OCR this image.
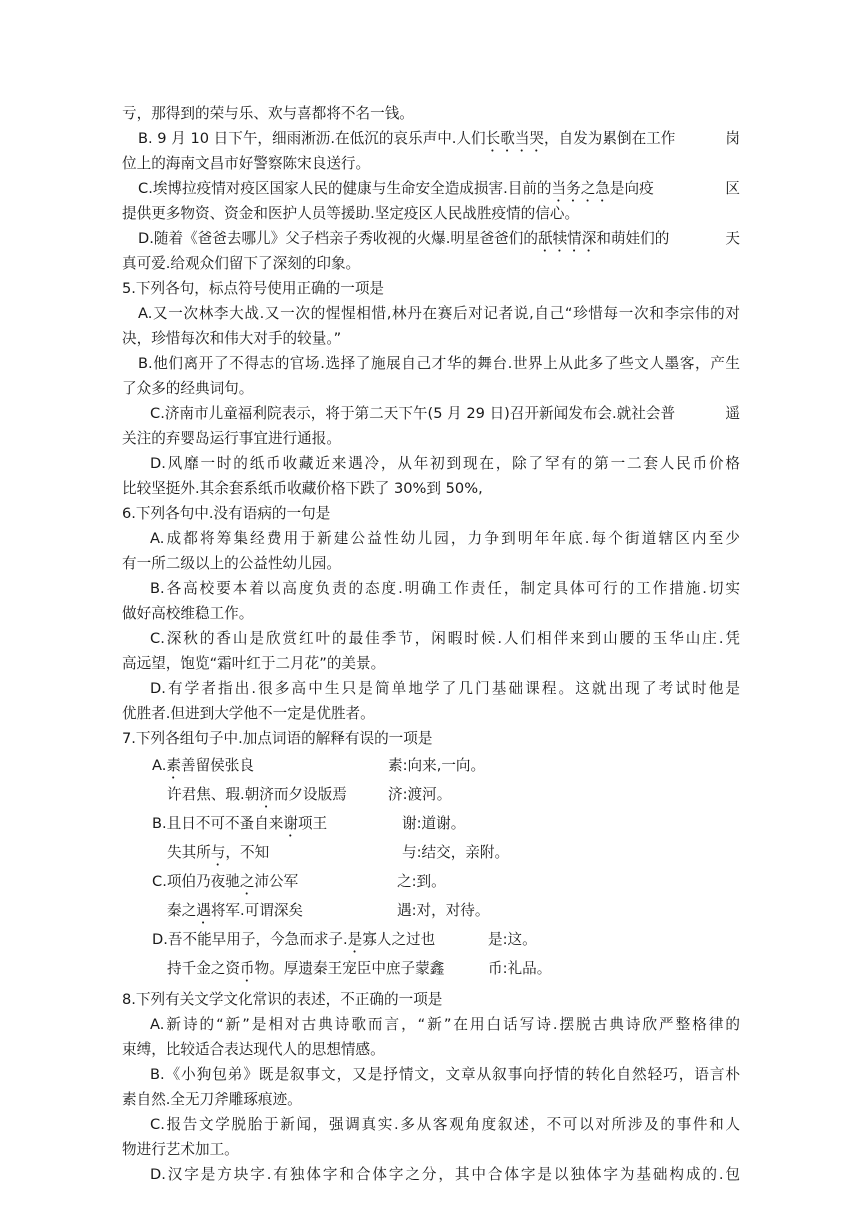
亏，那得到的荣与乐、欢与喜都将不名一钱。
B. 9 月 10 日下午，细雨淅沥.在低沉的哀乐声中.人们长歌当哭，自发为累倒在工作	岗
位上的海南文昌市好警察陈宋良送行。
C.埃博拉疫情对疫区国家人民的健康与生命安全造成损害.目前的当务之急是向疫	区
提供更多物资、资金和医护人员等援助.坚定疫区人民战胜疫情的信心。
D.随着《爸爸去哪儿》父子档亲子秀收视的火爆.明星爸爸们的舐犊情深和萌娃们的	天
真可爱.给观众们留下了深刻的印象。
5.下列各句，标点符号使用正确的一项是
A.又一次林李大战.又一次的惺惺相惜,林丹在赛后对记者说,自己“珍惜每一次和李宗伟的对
决，珍惜每次和伟大对手的较量。”
B.他们离开了不得志的官场.选择了施展自己才华的舞台.世界上从此多了些文人墨客，产生
了众多的经典词句。
C.济南市儿童福利院表示，将于第二天下午(5 月 29 日)召开新闻发布会.就社会普	遥
关注的弃婴岛运行事宜进行通报。
D.风靡一时的纸币收藏近来遇冷，从年初到现在，除了罕有的第一二套人民币价格
比较坚挺外.其余套系纸币收藏价格下跌了 30%到 50%,
6.下列各句中.没有语病的一句是
A.成都将筹集经费用于新建公益性幼儿园，力争到明年年底.每个街道辖区内至少
有一所二级以上的公益性幼儿园。
B.各高校要本着以高度负责的态度.明确工作责任，制定具体可行的工作措施.切实
做好高校维稳工作。
C.深秋的香山是欣赏红叶的最佳季节，闲暇时候.人们相伴来到山腰的玉华山庄.凭
高远望，饱览“霜叶红于二月花”的美景。
D.有学者指出.很多高中生只是简单地学了几门基础课程。这就出现了考试时他是
优胜者.但进到大学他不一定是优胜者。
7.下列各组句子中.加点词语的解释有误的一项是
A.素善留侯张良	素:向来,一向。
许君焦、瑕.朝济而夕设版焉	济:渡河。
B.且日不可不蚤自来谢项王	谢:道谢。
失其所与，不知	与:结交，亲附。
C.项伯乃夜驰之沛公军	之:到。
秦之遇将军.可谓深矣	遇:对，对待。
D.吾不能早用子，今急而求子.是寡人之过也	是:这。
持千金之资币物。厚遗秦王宠臣中庶子蒙鑫	币:礼品。
8.下列有关文学文化常识的表述，不正确的一项是
A.新诗的“新”是相对古典诗歌而言，“新”在用白话写诗.摆脱古典诗欣严整格律的
束缚，比较适合表达现代人的思想情感。
B.《小狗包弟》既是叙事文，又是抒情文，文章从叙事向抒情的转化自然轻巧，语言朴
素自然.全无刀斧雕琢痕迹。
C.报告文学脱胎于新闻，强调真实.多从客观角度叙述，不可以对所涉及的事件和人
物进行艺术加工。
D.汉字是方块字.有独体字和合体字之分，其中合体字是以独体字为基础构成的.包
